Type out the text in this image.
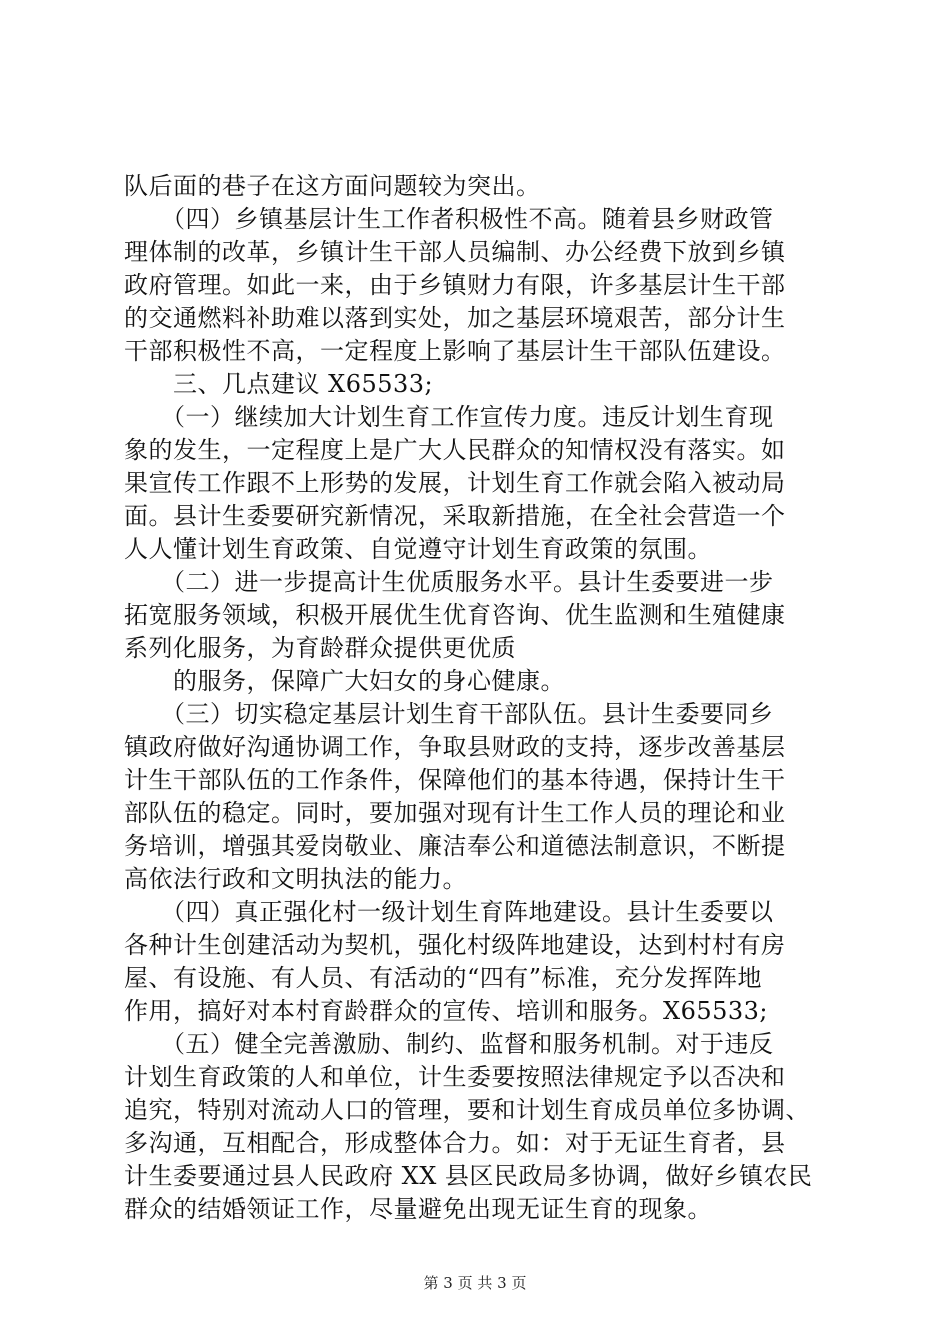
队后面的巷子在这方面问题较为突出。
　　（四）乡镇基层计生工作者积极性不高。随着县乡财政管
理体制的改革，乡镇计生干部人员编制、办公经费下放到乡镇
政府管理。如此一来，由于乡镇财力有限，许多基层计生干部
的交通燃料补助难以落到实处，加之基层环境艰苦，部分计生
干部积极性不高，一定程度上影响了基层计生干部队伍建设。
　　三、几点建议 X65533;
　　（一）继续加大计划生育工作宣传力度。违反计划生育现
象的发生，一定程度上是广大人民群众的知情权没有落实。如
果宣传工作跟不上形势的发展，计划生育工作就会陷入被动局
面。县计生委要研究新情况，采取新措施，在全社会营造一个
人人懂计划生育政策、自觉遵守计划生育政策的氛围。
　　（二）进一步提高计生优质服务水平。县计生委要进一步
拓宽服务领域，积极开展优生优育咨询、优生监测和生殖健康
系列化服务，为育龄群众提供更优质
　　的服务，保障广大妇女的身心健康。
　　（三）切实稳定基层计划生育干部队伍。县计生委要同乡
镇政府做好沟通协调工作，争取县财政的支持，逐步改善基层
计生干部队伍的工作条件，保障他们的基本待遇，保持计生干
部队伍的稳定。同时，要加强对现有计生工作人员的理论和业
务培训，增强其爱岗敬业、廉洁奉公和道德法制意识，不断提
高依法行政和文明执法的能力。
　　（四）真正强化村一级计划生育阵地建设。县计生委要以
各种计生创建活动为契机，强化村级阵地建设，达到村村有房
屋、有设施、有人员、有活动的“四有”标准，充分发挥阵地
作用，搞好对本村育龄群众的宣传、培训和服务。X65533;
　　（五）健全完善激励、制约、监督和服务机制。对于违反
计划生育政策的人和单位，计生委要按照法律规定予以否决和
追究，特别对流动人口的管理，要和计划生育成员单位多协调、
多沟通，互相配合，形成整体合力。如：对于无证生育者，县
计生委要通过县人民政府 XX 县区民政局多协调，做好乡镇农民
群众的结婚领证工作，尽量避免出现无证生育的现象。
第 3 页 共 3 页
